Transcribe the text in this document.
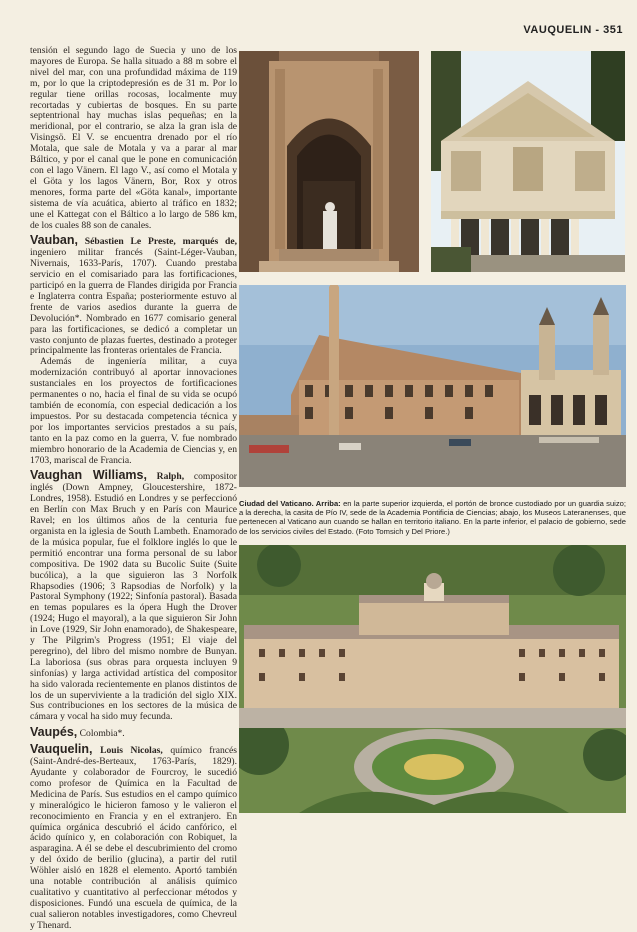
VAUQUELIN - 351

tensión el segundo lago de Suecia y uno de los mayores de Europa. Se halla situado a 88 m sobre el nivel del mar, con una profundidad máxima de 119 m, por lo que la criptodepresión es de 31 m. Por lo regular tiene orillas rocosas, localmente muy recortadas y cubiertas de bosques. En su parte septentrional hay muchas islas pequeñas; en la meridional, por el contrario, se alza la gran isla de Visingsö. El V. se encuentra drenado por el río Motala, que sale de Motala y va a parar al mar Báltico, y por el canal que le pone en comunicación con el lago Vänern. El lago V., así como el Motala y el Göta y los lagos Vänern, Bor, Rox y otros menores, forma parte del «Göta kanal», importante sistema de vía acuática, abierto al tráfico en 1832; une el Kattegat con el Báltico a lo largo de 586 km, de los cuales 88 son de canales.

Vauban, Sébastien Le Preste, marqués de, ingeniero militar francés (Saint-Léger-Vauban, Nivernais, 1633-París, 1707). Cuando prestaba servicio en el comisariado para las fortificaciones, participó en la guerra de Flandes dirigida por Francia e Inglaterra contra España; posteriormente estuvo al frente de varios asedios durante la guerra de Devolución*. Nombrado en 1677 comisario general para las fortificaciones, se dedicó a completar un vasto conjunto de plazas fuertes, destinado a proteger principalmente las fronteras orientales de Francia.

Además de ingeniería militar, a cuya modernización contribuyó al aportar innovaciones sustanciales en los proyectos de fortificaciones permanentes o no, hacia el final de su vida se ocupó también de economía, con especial dedicación a los impuestos. Por su destacada competencia técnica y por los importantes servicios prestados a su país, tanto en la paz como en la guerra, V. fue nombrado miembro honorario de la Academia de Ciencias y, en 1703, mariscal de Francia.

Vaughan Williams, Ralph, compositor inglés (Down Ampney, Gloucestershire, 1872-Londres, 1958). Estudió en Londres y se perfeccionó en Berlín con Max Bruch y en París con Maurice Ravel; en los últimos años de la centuria fue organista en la iglesia de South Lambeth. Enamorado de la música popular, fue el folklore inglés lo que le permitió encontrar una forma personal de su labor compositiva. De 1902 data su Bucolic Suite (Suite bucólica), a la que siguieron las 3 Norfolk Rhapsodies (1906; 3 Rapsodias de Norfolk) y la Pastoral Symphony (1922; Sinfonía pastoral). Basada en temas populares es la ópera Hugh the Drover (1924; Hugo el mayoral), a la que siguieron Sir John in Love (1929, Sir John enamorado), de Shakespeare, y The Pilgrim's Progress (1951; El viaje del peregrino), del libro del mismo nombre de Bunyan. La laboriosa (sus obras para orquesta incluyen 9 sinfonías) y larga actividad artística del compositor ha sido valorada recientemente en planos distintos de los de un superviviente a la tradición del siglo XIX. Sus contribuciones en los sectores de la música de cámara y vocal ha sido muy fecunda.

Vaupés, Colombia*.

Vauquelin, Louis Nicolas, químico francés (Saint-André-des-Berteaux, 1763-París, 1829). Ayudante y colaborador de Fourcroy, le sucedió como profesor de Química en la Facultad de Medicina de París. Sus estudios en el campo químico y mineralógico le hicieron famoso y le valieron el reconocimiento en Francia y en el extranjero. En química orgánica descubrió el ácido canfórico, el ácido quínico y, en colaboración con Robiquet, la asparagina. A él se debe el descubrimiento del cromo y del óxido de berilio (glucina), a partir del rutil Wöhler aisló en 1828 el elemento. Aportó también una notable contribución al análisis químico cualitativo y cuantitativo al perfeccionar métodos y disposiciones. Fundó una escuela de química, de la cual salieron notables investigadores, como Chevreul y Thenard.

Ciudad del Vaticano. Arriba: en la parte superior izquierda, el portón de bronce custodiado por un guardia suizo; a la derecha, la casita de Pío IV, sede de la Academia Pontificia de Ciencias; abajo, los Museos Lateranenses, que pertenecen al Vaticano aun cuando se hallan en territorio italiano. En la parte inferior, el palacio de gobierno, sede de los servicios civiles del Estado. (Foto Tomsich y Del Priore.)
